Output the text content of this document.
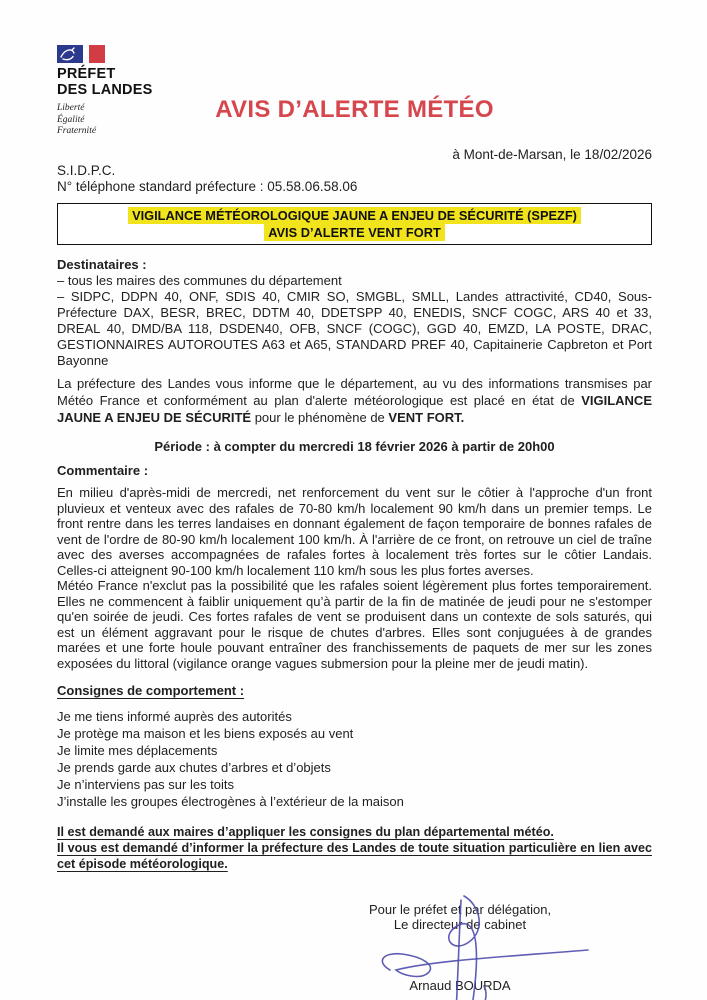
PRÉFET
DES LANDES
Liberté
Égalité
Fraternité
AVIS D’ALERTE MÉTÉO
à Mont-de-Marsan, le 18/02/2026
S.I.D.P.C.
N° téléphone standard préfecture : 05.58.06.58.06
VIGILANCE MÉTÉOROLOGIQUE JAUNE A ENJEU DE SÉCURITÉ (SPEZF)
AVIS D’ALERTE VENT FORT
Destinataires :
– tous les maires des communes du département
– SIDPC, DDPN 40, ONF, SDIS 40, CMIR SO, SMGBL, SMLL, Landes attractivité, CD40, Sous-Préfecture DAX, BESR, BREC, DDTM 40, DDETSPP 40, ENEDIS, SNCF COGC, ARS 40 et 33, DREAL 40, DMD/BA 118, DSDEN40, OFB, SNCF (COGC), GGD 40, EMZD, LA POSTE, DRAC, GESTIONNAIRES AUTOROUTES A63 et A65, STANDARD PREF 40, Capitainerie Capbreton et Port Bayonne

La préfecture des Landes vous informe que le département, au vu des informations transmises par Météo France et conformément au plan d'alerte météorologique est placé en état de VIGILANCE JAUNE A ENJEU DE SÉCURITÉ pour le phénomène de VENT FORT.

Période : à compter du mercredi 18 février 2026 à partir de 20h00

Commentaire :

En milieu d'après-midi de mercredi, net renforcement du vent sur le côtier à l'approche d'un front pluvieux et venteux avec des rafales de 70-80 km/h localement 90 km/h dans un premier temps. Le front rentre dans les terres landaises en donnant également de façon temporaire de bonnes rafales de vent de l'ordre de 80-90 km/h localement 100 km/h. À l'arrière de ce front, on retrouve un ciel de traîne avec des averses accompagnées de rafales fortes à localement très fortes sur le côtier Landais. Celles-ci atteignent 90-100 km/h localement 110 km/h sous les plus fortes averses.

Météo France n'exclut pas la possibilité que les rafales soient légèrement plus fortes temporairement. Elles ne commencent à faiblir uniquement qu’à partir de la fin de matinée de jeudi pour ne s'estomper qu'en soirée de jeudi. Ces fortes rafales de vent se produisent dans un contexte de sols saturés, qui est un élément aggravant pour le risque de chutes d'arbres. Elles sont conjuguées à de grandes marées et une forte houle pouvant entraîner des franchissements de paquets de mer sur les zones exposées du littoral (vigilance orange vagues submersion pour la pleine mer de jeudi matin).

Consignes de comportement :
Je me tiens informé auprès des autorités
Je protège ma maison et les biens exposés au vent
Je limite mes déplacements
Je prends garde aux chutes d’arbres et d’objets
Je n’interviens pas sur les toits
J’installe les groupes électrogènes à l’extérieur de la maison

Il est demandé aux maires d’appliquer les consignes du plan départemental météo.

Il vous est demandé d’informer la préfecture des Landes de toute situation particulière en lien avec cet épisode météorologique.

Pour le préfet et par délégation,
Le directeur de cabinet
Arnaud BOURDA
